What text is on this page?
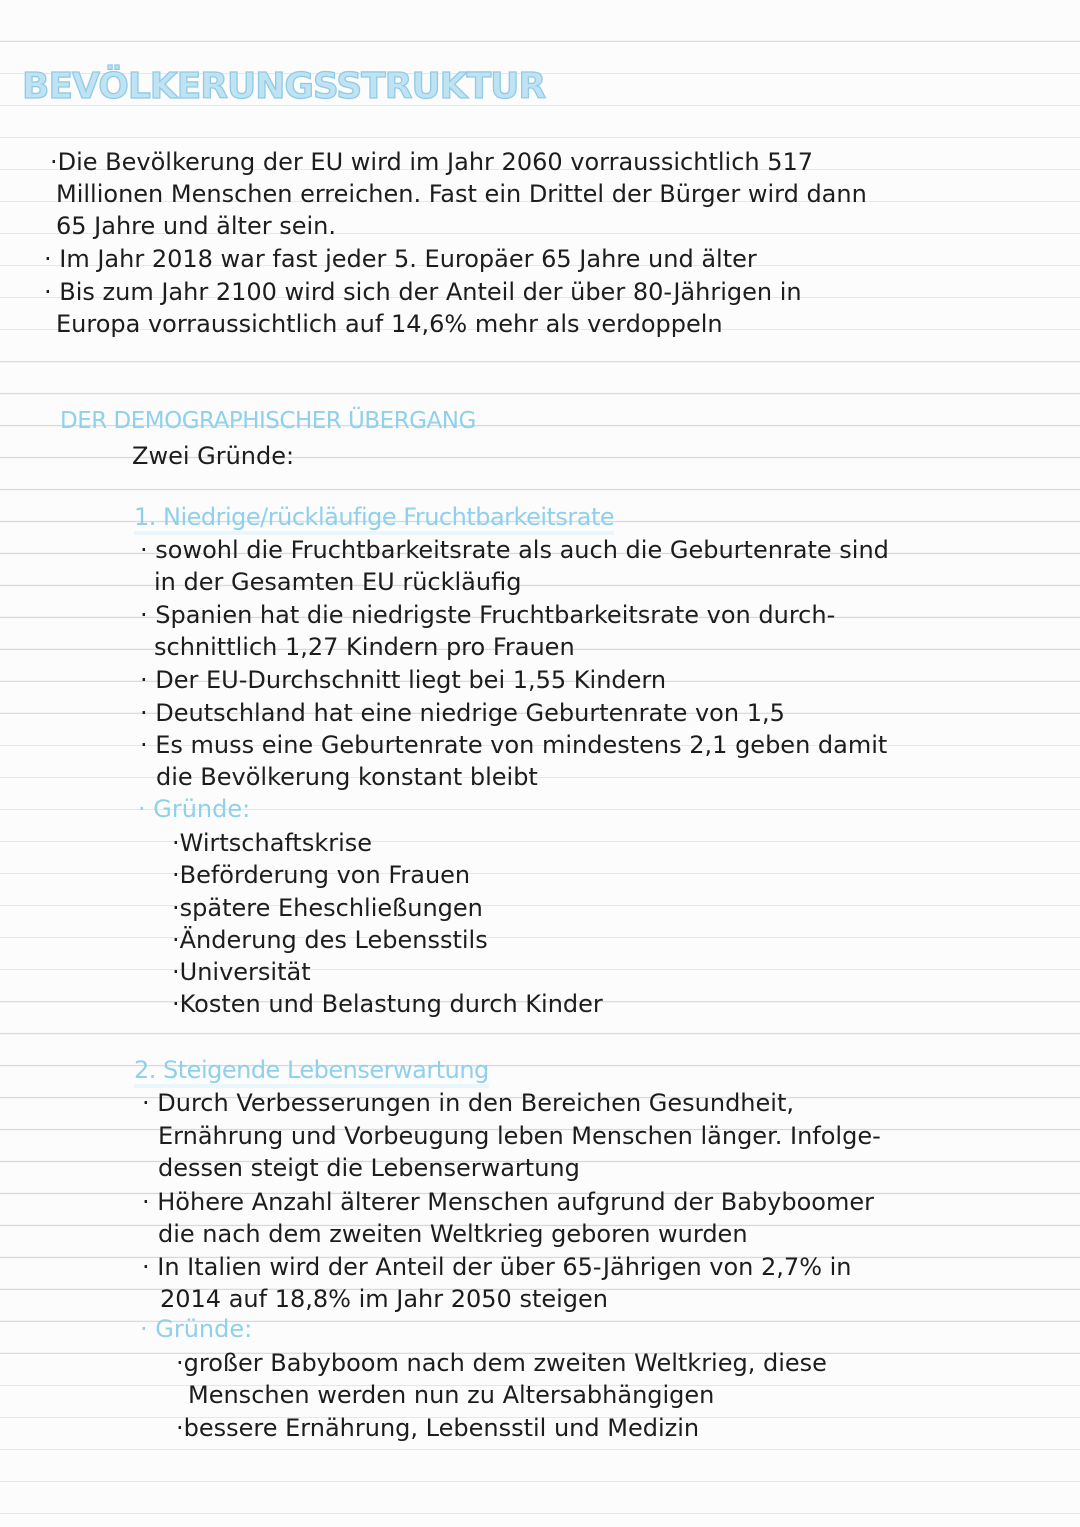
BEVÖLKERUNGSSTRUKTUR
·Die Bevölkerung der EU wird im Jahr 2060 vorraussichtlich 517
Millionen Menschen erreichen. Fast ein Drittel der Bürger wird dann
65 Jahre und älter sein.
· Im Jahr 2018 war fast jeder 5. Europäer 65 Jahre und älter
· Bis zum Jahr 2100 wird sich der Anteil der über 80-Jährigen in
Europa vorraussichtlich auf 14,6% mehr als verdoppeln
DER DEMOGRAPHISCHER ÜBERGANG
Zwei Gründe:
1. Niedrige/rückläufige Fruchtbarkeitsrate
· sowohl die Fruchtbarkeitsrate als auch die Geburtenrate sind
in der Gesamten EU rückläufig
· Spanien hat die niedrigste Fruchtbarkeitsrate von durch-
schnittlich 1,27 Kindern pro Frauen
· Der EU-Durchschnitt liegt bei 1,55 Kindern
· Deutschland hat eine niedrige Geburtenrate von 1,5
· Es muss eine Geburtenrate von mindestens 2,1 geben damit
die Bevölkerung konstant bleibt
· Gründe:
·Wirtschaftskrise
·Beförderung von Frauen
·spätere Eheschließungen
·Änderung des Lebensstils
·Universität
·Kosten und Belastung durch Kinder
2. Steigende Lebenserwartung
· Durch Verbesserungen in den Bereichen Gesundheit,
Ernährung und Vorbeugung leben Menschen länger. Infolge-
dessen steigt die Lebenserwartung
· Höhere Anzahl älterer Menschen aufgrund der Babyboomer
die nach dem zweiten Weltkrieg geboren wurden
· In Italien wird der Anteil der über 65-Jährigen von 2,7% in
2014 auf 18,8% im Jahr 2050 steigen
· Gründe:
·großer Babyboom nach dem zweiten Weltkrieg, diese
Menschen werden nun zu Altersabhängigen
·bessere Ernährung, Lebensstil und Medizin
